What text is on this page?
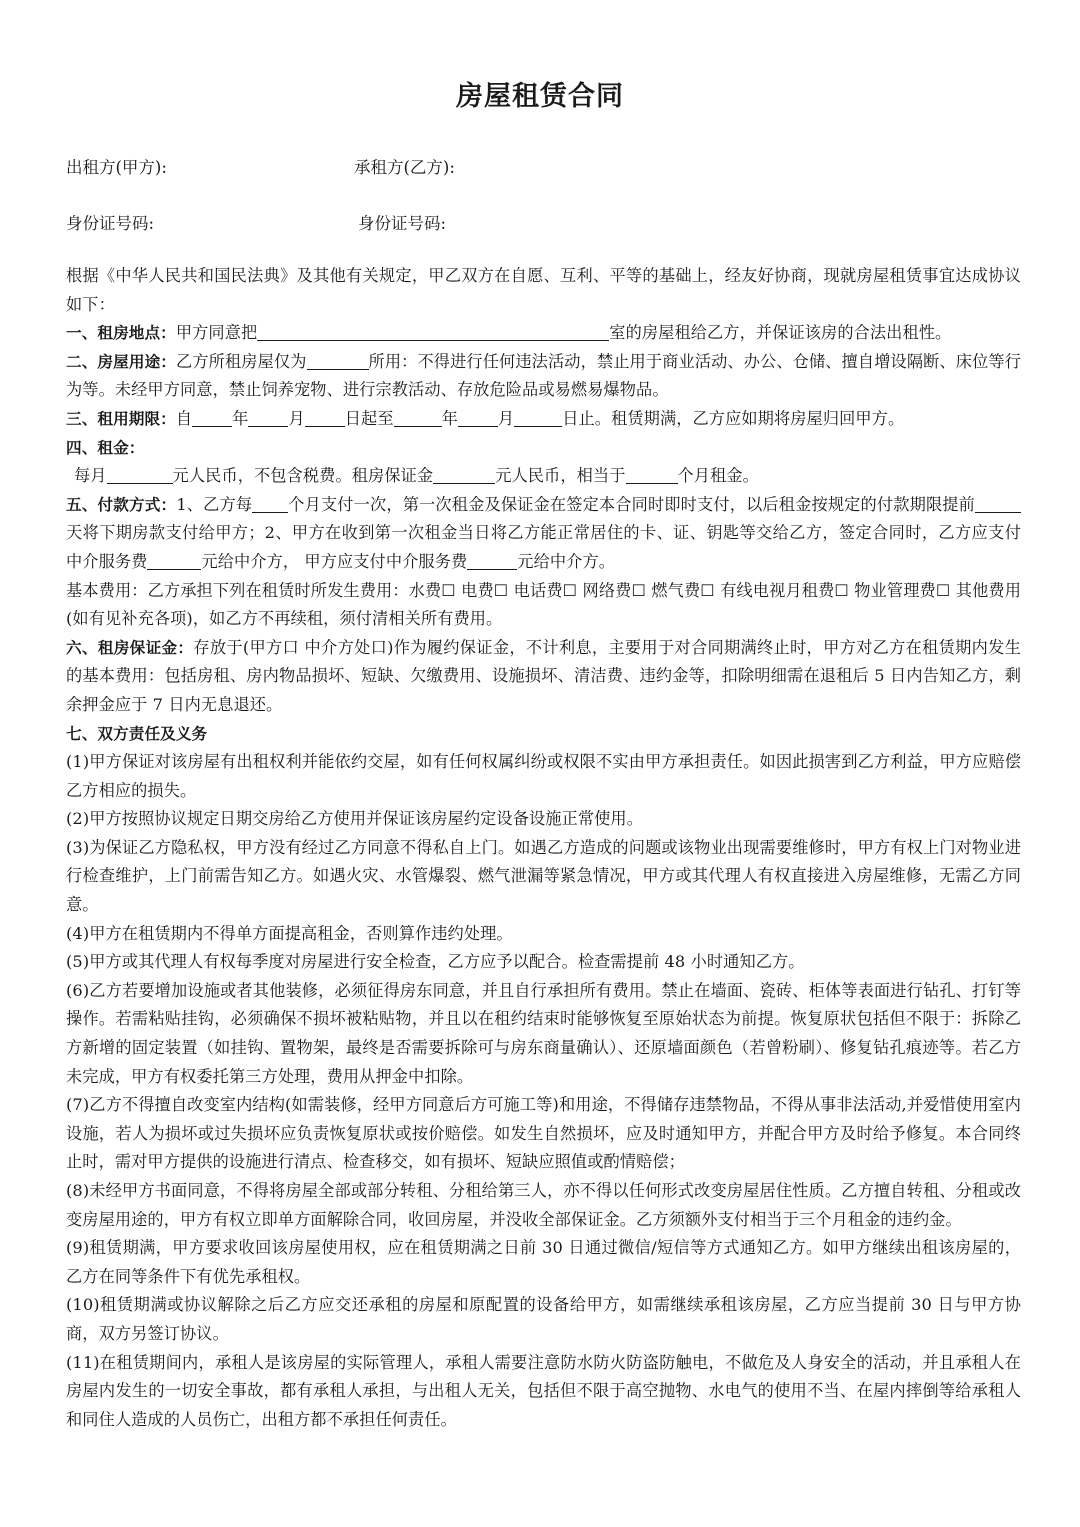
房屋租赁合同
出租方(甲方):	承租方(乙方):
身份证号码:	身份证号码:

根据《中华人民共和国民法典》及其他有关规定，甲乙双方在自愿、互利、平等的基础上，经友好协商，现就房屋租赁事宜达成协议如下：

一、租房地点：甲方同意把	室的房屋租给乙方，并保证该房的合法出租性。

二、房屋用途：乙方所租房屋仅为	所用：不得进行任何违法活动，禁止用于商业活动、办公、仓储、擅自增设隔断、床位等行为等。未经甲方同意，禁止饲养宠物、进行宗教活动、存放危险品或易燃易爆物品。

三、租用期限：自 年 月 日起至	年 月	日止。租赁期满，乙方应如期将房屋归回甲方。

四、租金：

每月	元人民币，不包含税费。租房保证金	元人民币，相当于	个月租金。

五、付款方式：1、乙方每 个月支付一次，第一次租金及保证金在签定本合同时即时支付，以后租金按规定的付款期限提前天将下期房款支付给甲方；2、甲方在收到第一次租金当日将乙方能正常居住的卡、证、钥匙等交给乙方，签定合同时，乙方应支付中介服务费	元给中介方， 甲方应支付中介服务费	元给中介方。

基本费用：乙方承担下列在租赁时所发生费用：水费☐ 电费☐ 电话费☐ 网络费☐ 燃气费☐ 有线电视月租费☐ 物业管理费☐ 其他费用(如有见补充各项)，如乙方不再续租，须付清相关所有费用。

六、租房保证金：存放于(甲方口 中介方处口)作为履约保证金，不计利息，主要用于对合同期满终止时，甲方对乙方在租赁期内发生的基本费用：包括房租、房内物品损坏、短缺、欠缴费用、设施损坏、清洁费、违约金等，扣除明细需在退租后 5 日内告知乙方，剩余押金应于 7 日内无息退还。

七、双方责任及义务

(1)甲方保证对该房屋有出租权利并能依约交屋，如有任何权属纠纷或权限不实由甲方承担责任。如因此损害到乙方利益，甲方应赔偿乙方相应的损失。

(2)甲方按照协议规定日期交房给乙方使用并保证该房屋约定设备设施正常使用。

(3)为保证乙方隐私权，甲方没有经过乙方同意不得私自上门。如遇乙方造成的问题或该物业出现需要维修时，甲方有权上门对物业进行检查维护，上门前需告知乙方。如遇火灾、水管爆裂、燃气泄漏等紧急情况，甲方或其代理人有权直接进入房屋维修，无需乙方同意。

(4)甲方在租赁期内不得单方面提高租金，否则算作违约处理。

(5)甲方或其代理人有权每季度对房屋进行安全检查，乙方应予以配合。检查需提前 48 小时通知乙方。

(6)乙方若要增加设施或者其他装修，必须征得房东同意，并且自行承担所有费用。禁止在墙面、瓷砖、柜体等表面进行钻孔、打钉等操作。若需粘贴挂钩，必须确保不损坏被粘贴物，并且以在租约结束时能够恢复至原始状态为前提。恢复原状包括但不限于：拆除乙方新增的固定装置（如挂钩、置物架，最终是否需要拆除可与房东商量确认）、还原墙面颜色（若曾粉刷）、修复钻孔痕迹等。若乙方未完成，甲方有权委托第三方处理，费用从押金中扣除。

(7)乙方不得擅自改变室内结构(如需装修，经甲方同意后方可施工等)和用途，不得储存违禁物品，不得从事非法活动,并爱惜使用室内设施，若人为损坏或过失损坏应负责恢复原状或按价赔偿。如发生自然损坏，应及时通知甲方，并配合甲方及时给予修复。本合同终止时，需对甲方提供的设施进行清点、检查移交，如有损坏、短缺应照值或酌情赔偿；

(8)未经甲方书面同意，不得将房屋全部或部分转租、分租给第三人，亦不得以任何形式改变房屋居住性质。乙方擅自转租、分租或改变房屋用途的，甲方有权立即单方面解除合同，收回房屋，并没收全部保证金。乙方须额外支付相当于三个月租金的违约金。

(9)租赁期满，甲方要求收回该房屋使用权，应在租赁期满之日前 30 日通过微信/短信等方式通知乙方。如甲方继续出租该房屋的，乙方在同等条件下有优先承租权。

(10)租赁期满或协议解除之后乙方应交还承租的房屋和原配置的设备给甲方，如需继续承租该房屋，乙方应当提前 30 日与甲方协商，双方另签订协议。

(11)在租赁期间内，承租人是该房屋的实际管理人，承租人需要注意防水防火防盗防触电，不做危及人身安全的活动，并且承租人在房屋内发生的一切安全事故，都有承租人承担，与出租人无关，包括但不限于高空抛物、水电气的使用不当、在屋内摔倒等给承租人和同住人造成的人员伤亡，出租方都不承担任何责任。
